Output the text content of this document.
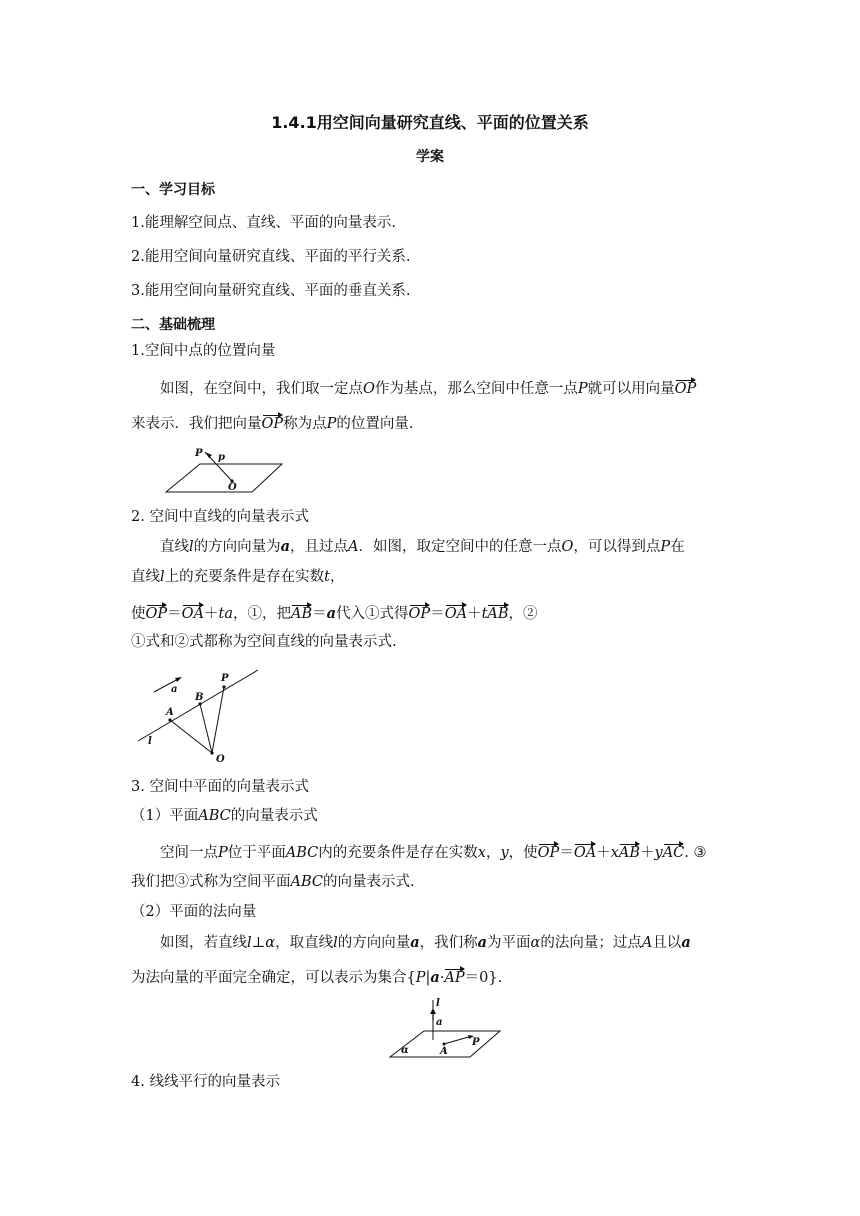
1.4.1用空间向量研究直线、平面的位置关系
学案
一、学习目标
1.能理解空间点、直线、平面的向量表示.
2.能用空间向量研究直线、平面的平行关系.
3.能用空间向量研究直线、平面的垂直关系.
二、基础梳理
1.空间中点的位置向量
如图，在空间中，我们取一定点O作为基点，那么空间中任意一点P就可以用向量OP
来表示．我们把向量OP称为点P的位置向量.
P p
O
2. 空间中直线的向量表示式
直线l的方向向量为a，且过点A．如图，取定空间中的任意一点O，可以得到点P在
直线l上的充要条件是存在实数t，
使OP＝OA＋ta，①，把AB＝a代入①式得OP＝OA＋tAB，②
①式和②式都称为空间直线的向量表示式.
a
P
B
A
l
O
3. 空间中平面的向量表示式
（1）平面ABC的向量表示式
空间一点P位于平面ABC内的充要条件是存在实数x，y，使OP＝OA＋xAB＋yAC. ③
我们把③式称为空间平面ABC的向量表示式.
（2）平面的法向量
如图，若直线l⊥α，取直线l的方向向量a，我们称a为平面α的法向量；过点A且以a
为法向量的平面完全确定，可以表示为集合{P|a·AP＝0}.
l
a
α	A
P
4. 线线平行的向量表示
